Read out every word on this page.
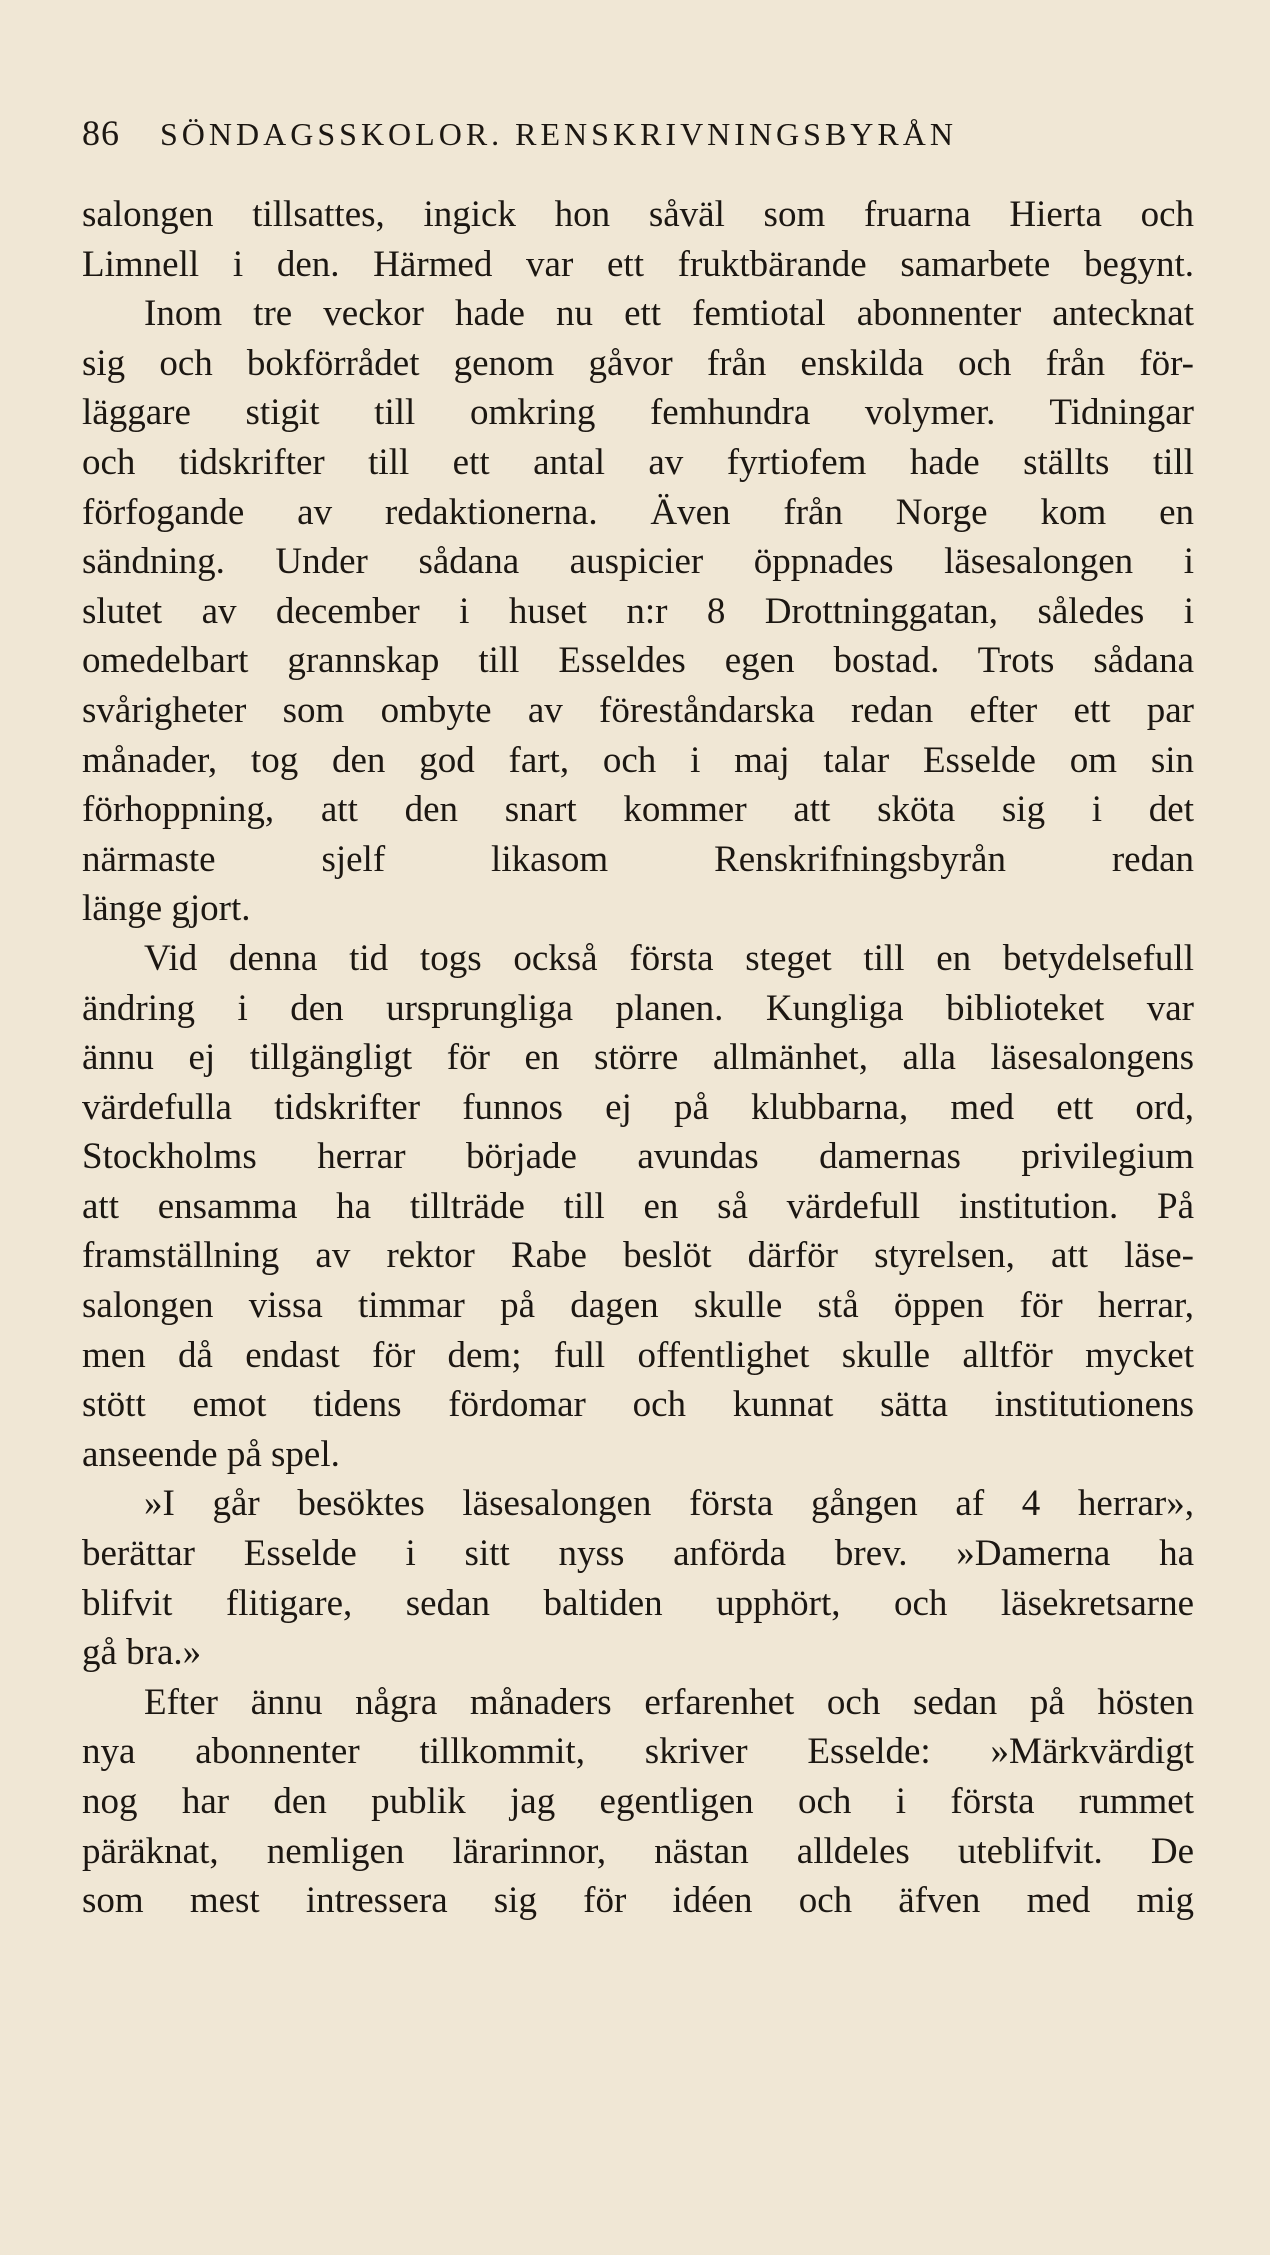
86 SÖNDAGSSKOLOR. RENSKRIVNINGSBYRÅN
salongen tillsattes, ingick hon såväl som fruarna Hierta och
Limnell i den. Härmed var ett fruktbärande samarbete begynt.
Inom tre veckor hade nu ett femtiotal abonnenter antecknat
sig och bokförrådet genom gåvor från enskilda och från för-
läggare stigit till omkring femhundra volymer. Tidningar
och tidskrifter till ett antal av fyrtiofem hade ställts till
förfogande av redaktionerna. Även från Norge kom en
sändning. Under sådana auspicier öppnades läsesalongen i
slutet av december i huset n:r 8 Drottninggatan, således i
omedelbart grannskap till Esseldes egen bostad. Trots sådana
svårigheter som ombyte av föreståndarska redan efter ett par
månader, tog den god fart, och i maj talar Esselde om sin
förhoppning, att den snart kommer att sköta sig i det
närmaste sjelf likasom Renskrifningsbyrån redan
länge gjort.
Vid denna tid togs också första steget till en betydelsefull
ändring i den ursprungliga planen. Kungliga biblioteket var
ännu ej tillgängligt för en större allmänhet, alla läsesalongens
värdefulla tidskrifter funnos ej på klubbarna, med ett ord,
Stockholms herrar började avundas damernas privilegium
att ensamma ha tillträde till en så värdefull institution. På
framställning av rektor Rabe beslöt därför styrelsen, att läse-
salongen vissa timmar på dagen skulle stå öppen för herrar,
men då endast för dem; full offentlighet skulle alltför mycket
stött emot tidens fördomar och kunnat sätta institutionens
anseende på spel.
»I går besöktes läsesalongen första gången af 4 herrar»,
berättar Esselde i sitt nyss anförda brev. »Damerna ha
blifvit flitigare, sedan baltiden upphört, och läsekretsarne
gå bra.»
Efter ännu några månaders erfarenhet och sedan på hösten
nya abonnenter tillkommit, skriver Esselde: »Märkvärdigt
nog har den publik jag egentligen och i första rummet
päräknat, nemligen lärarinnor, nästan alldeles uteblifvit. De
som mest intressera sig för idéen och äfven med mig
